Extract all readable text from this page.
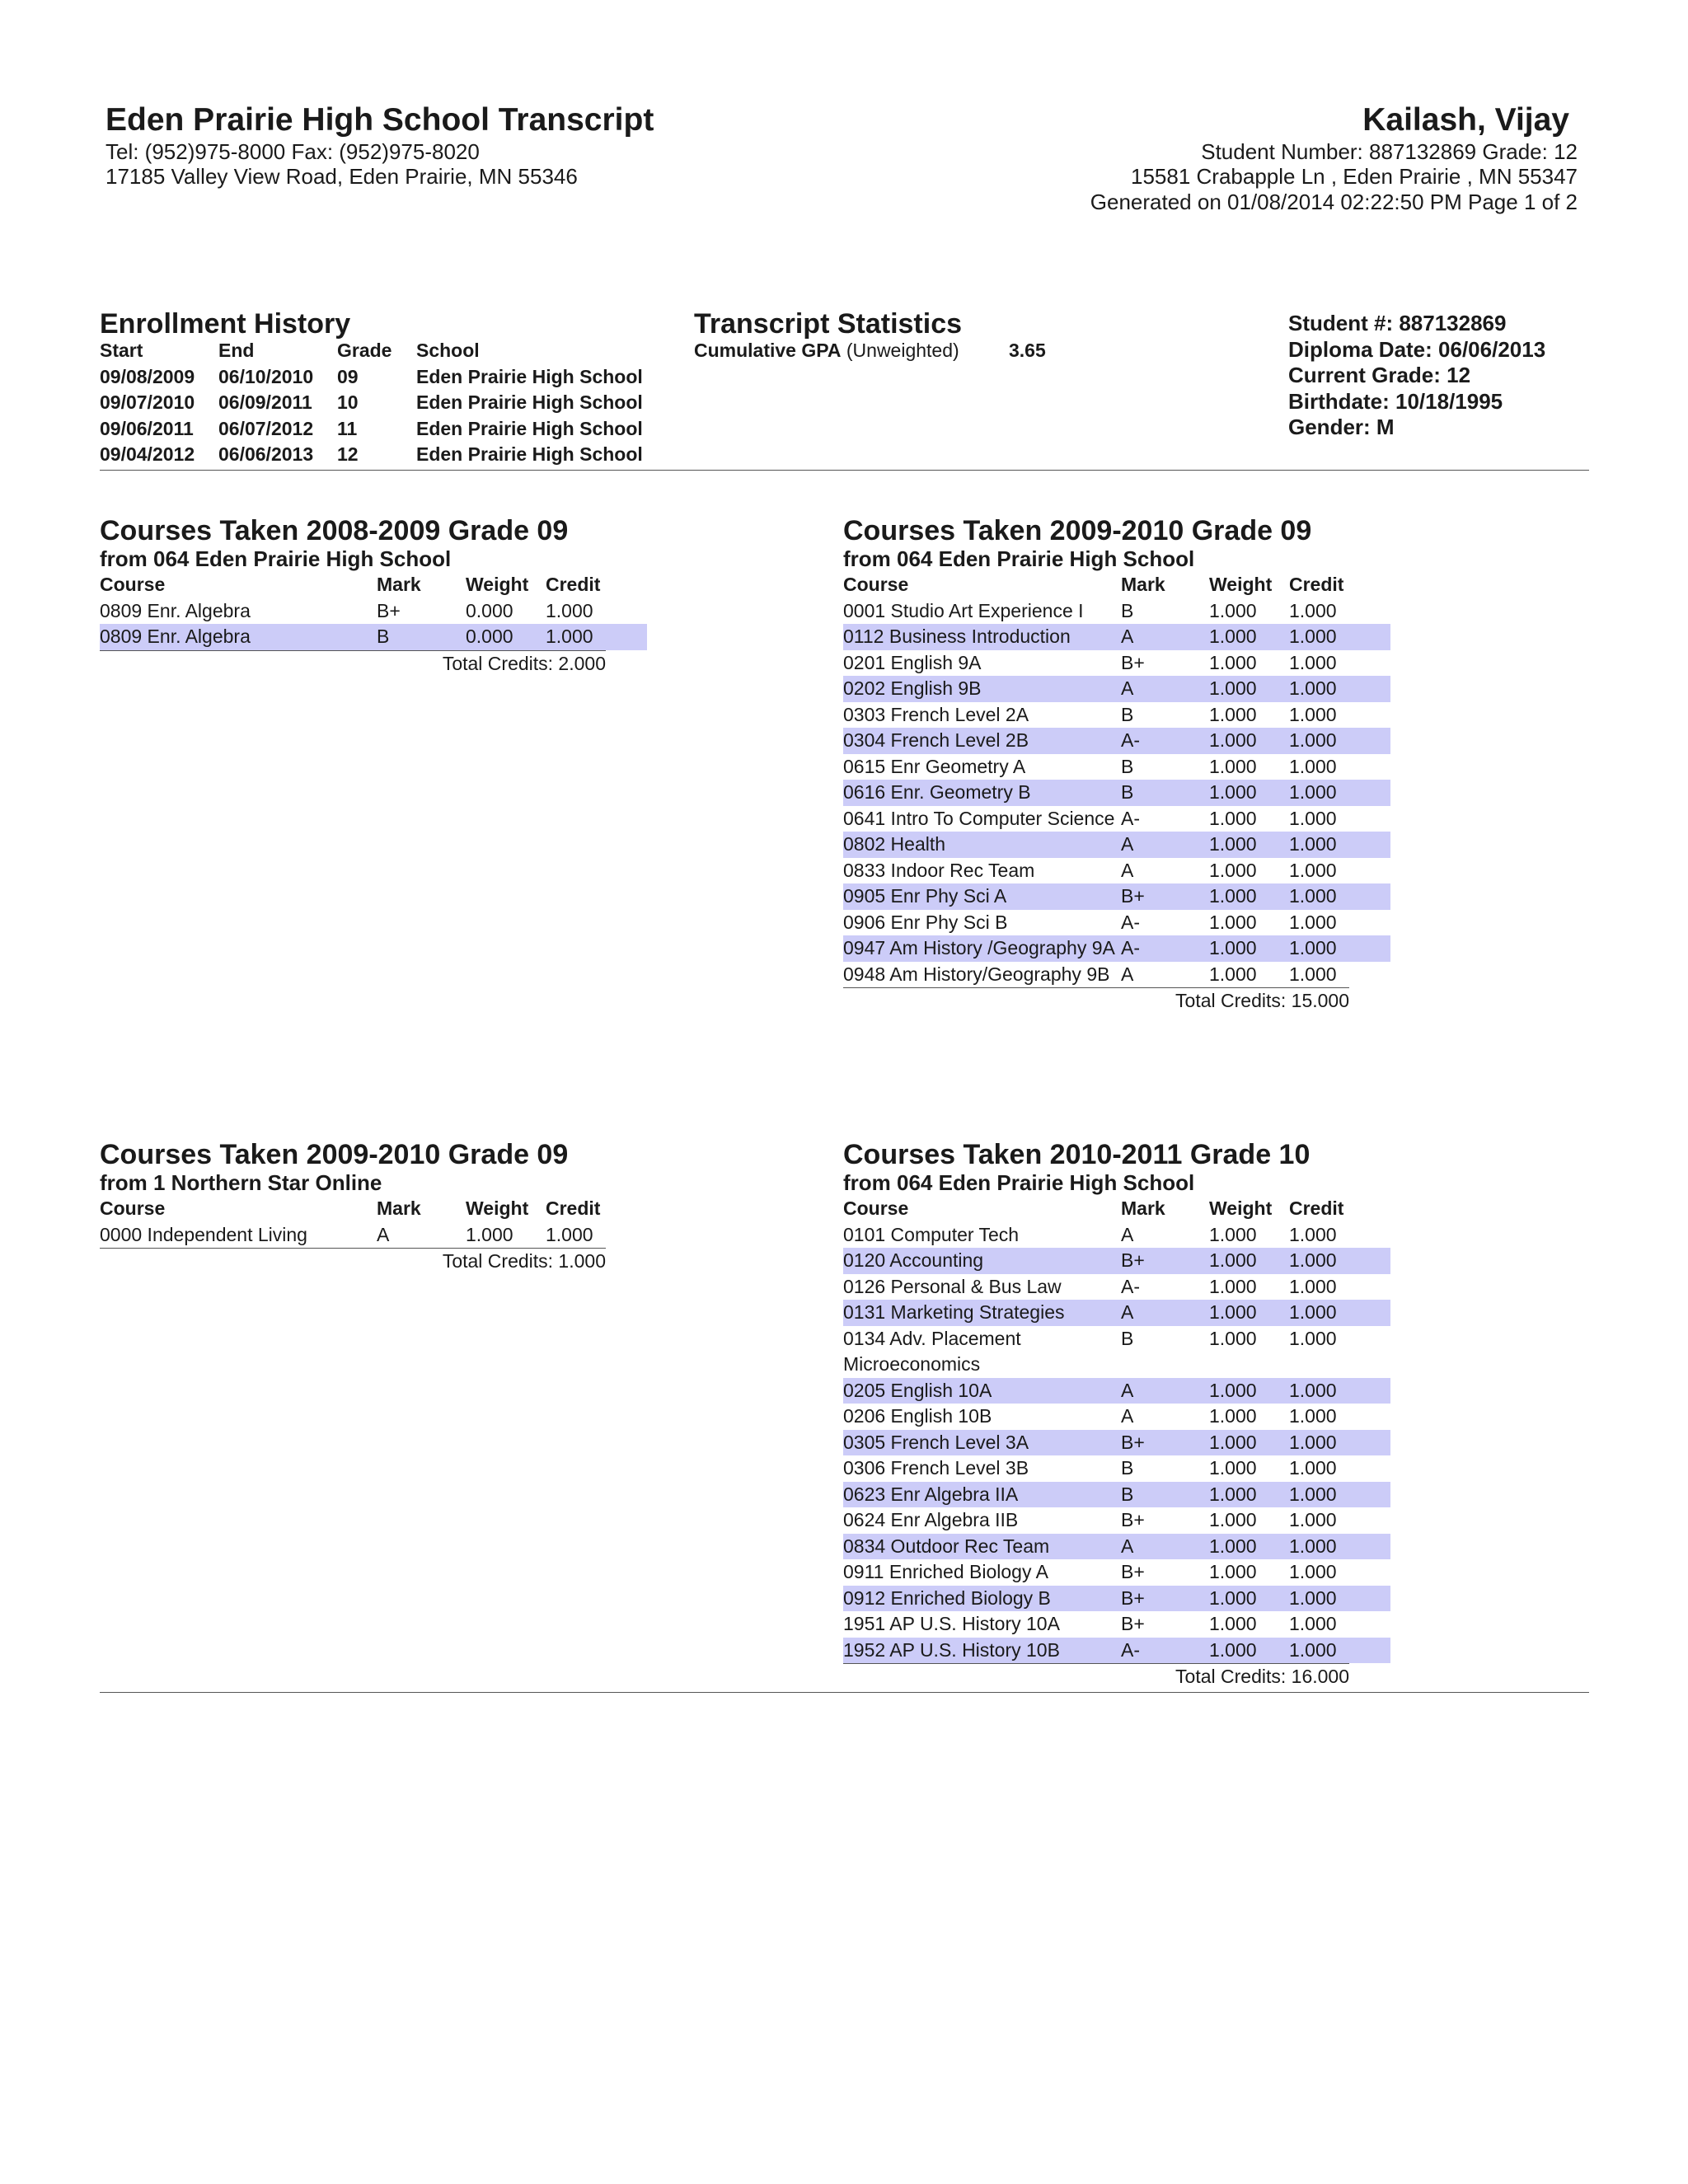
Eden Prairie High School Transcript
Tel: (952)975-8000 Fax: (952)975-8020
17185 Valley View Road, Eden Prairie, MN 55346
Kailash, Vijay
Student Number: 887132869 Grade: 12
15581 Crabapple Ln , Eden Prairie , MN 55347
Generated on 01/08/2014 02:22:50 PM Page 1 of 2
Enrollment History
Start	End	Grade School
09/08/2009 06/10/2010 09	Eden Prairie High School
09/07/2010 06/09/2011 10	Eden Prairie High School
09/06/2011 06/07/2012 11	Eden Prairie High School
09/04/2012 06/06/2013 12	Eden Prairie High School
Transcript Statistics
Cumulative GPA (Unweighted)	3.65
Student #: 887132869
Diploma Date: 06/06/2013
Current Grade: 12
Birthdate: 10/18/1995
Gender: M
Courses Taken 2008-2009 Grade 09
from 064 Eden Prairie High School
Course	Mark Weight Credit
0809 Enr. Algebra	B+	0.000 1.000
0809 Enr. Algebra	B	0.000 1.000
Total Credits: 2.000
Courses Taken 2009-2010 Grade 09
from 064 Eden Prairie High School
Course	Mark Weight Credit
0001 Studio Art Experience I	B	1.000 1.000
0112 Business Introduction	A	1.000 1.000
0201 English 9A	B+	1.000 1.000
0202 English 9B	A	1.000 1.000
0303 French Level 2A	B	1.000 1.000
0304 French Level 2B	A-	1.000 1.000
0615 Enr Geometry A	B	1.000 1.000
0616 Enr. Geometry B	B	1.000 1.000
0641 Intro To Computer Science A-	1.000 1.000
0802 Health	A	1.000 1.000
0833 Indoor Rec Team	A	1.000 1.000
0905 Enr Phy Sci A	B+	1.000 1.000
0906 Enr Phy Sci B	A-	1.000 1.000
0947 Am History /Geography 9A A-	1.000 1.000
0948 Am History/Geography 9B A	1.000 1.000
Total Credits: 15.000
Courses Taken 2009-2010 Grade 09
from 1 Northern Star Online
Course	Mark Weight Credit
0000 Independent Living	A	1.000 1.000
Total Credits: 1.000
Courses Taken 2010-2011 Grade 10
from 064 Eden Prairie High School
Course	Mark Weight Credit
0101 Computer Tech	A	1.000 1.000
0120 Accounting	B+	1.000 1.000
0126 Personal & Bus Law	A-	1.000 1.000
0131 Marketing Strategies	A	1.000 1.000
0134 Adv. Placement Microeconomics
B	1.000 1.000
0205 English 10A	A	1.000 1.000
0206 English 10B	A	1.000 1.000
0305 French Level 3A	B+	1.000 1.000
0306 French Level 3B	B	1.000 1.000
0623 Enr Algebra IIA	B	1.000 1.000
0624 Enr Algebra IIB	B+	1.000 1.000
0834 Outdoor Rec Team	A	1.000 1.000
0911 Enriched Biology A	B+	1.000 1.000
0912 Enriched Biology B	B+	1.000 1.000
1951 AP U.S. History 10A	B+	1.000 1.000
1952 AP U.S. History 10B	A-	1.000 1.000
Total Credits: 16.000
